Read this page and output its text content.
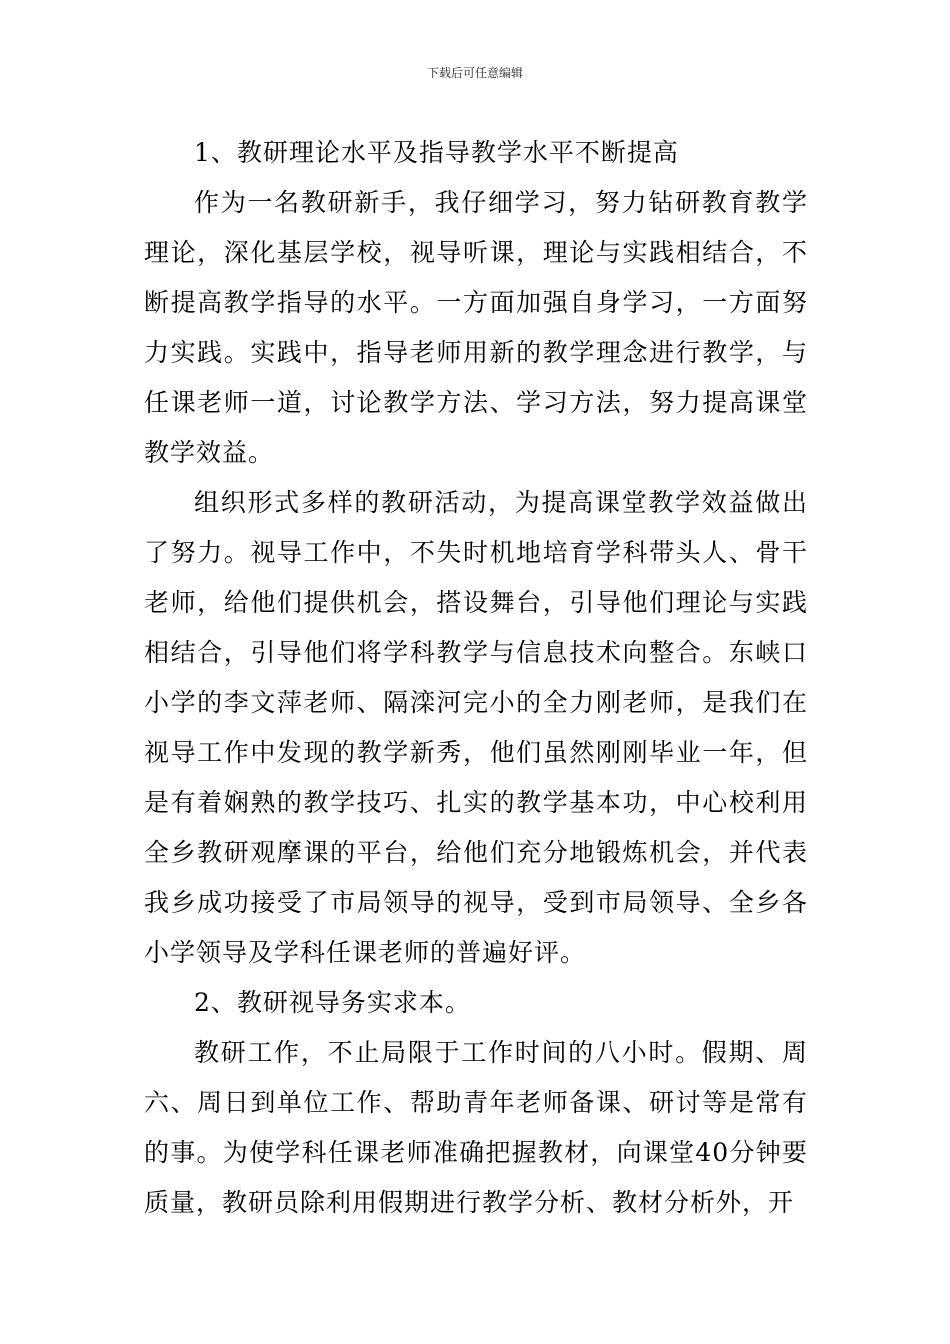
下载后可任意编辑

1、教研理论水平及指导教学水平不断提高

作为一名教研新手，我仔细学习，努力钻研教育教学理论，深化基层学校，视导听课，理论与实践相结合，不断提高教学指导的水平。一方面加强自身学习，一方面努力实践。实践中，指导老师用新的教学理念进行教学，与任课老师一道，讨论教学方法、学习方法，努力提高课堂教学效益。

组织形式多样的教研活动，为提高课堂教学效益做出了努力。视导工作中，不失时机地培育学科带头人、骨干老师，给他们提供机会，搭设舞台，引导他们理论与实践相结合，引导他们将学科教学与信息技术向整合。东峡口小学的李文萍老师、隔滦河完小的全力刚老师，是我们在视导工作中发现的教学新秀，他们虽然刚刚毕业一年，但是有着娴熟的教学技巧、扎实的教学基本功，中心校利用全乡教研观摩课的平台，给他们充分地锻炼机会，并代表我乡成功接受了市局领导的视导，受到市局领导、全乡各小学领导及学科任课老师的普遍好评。

2、教研视导务实求本。

教研工作，不止局限于工作时间的八小时。假期、周六、周日到单位工作、帮助青年老师备课、研讨等是常有的事。为使学科任课老师准确把握教材，向课堂40分钟要质量，教研员除利用假期进行教学分析、教材分析外，开
